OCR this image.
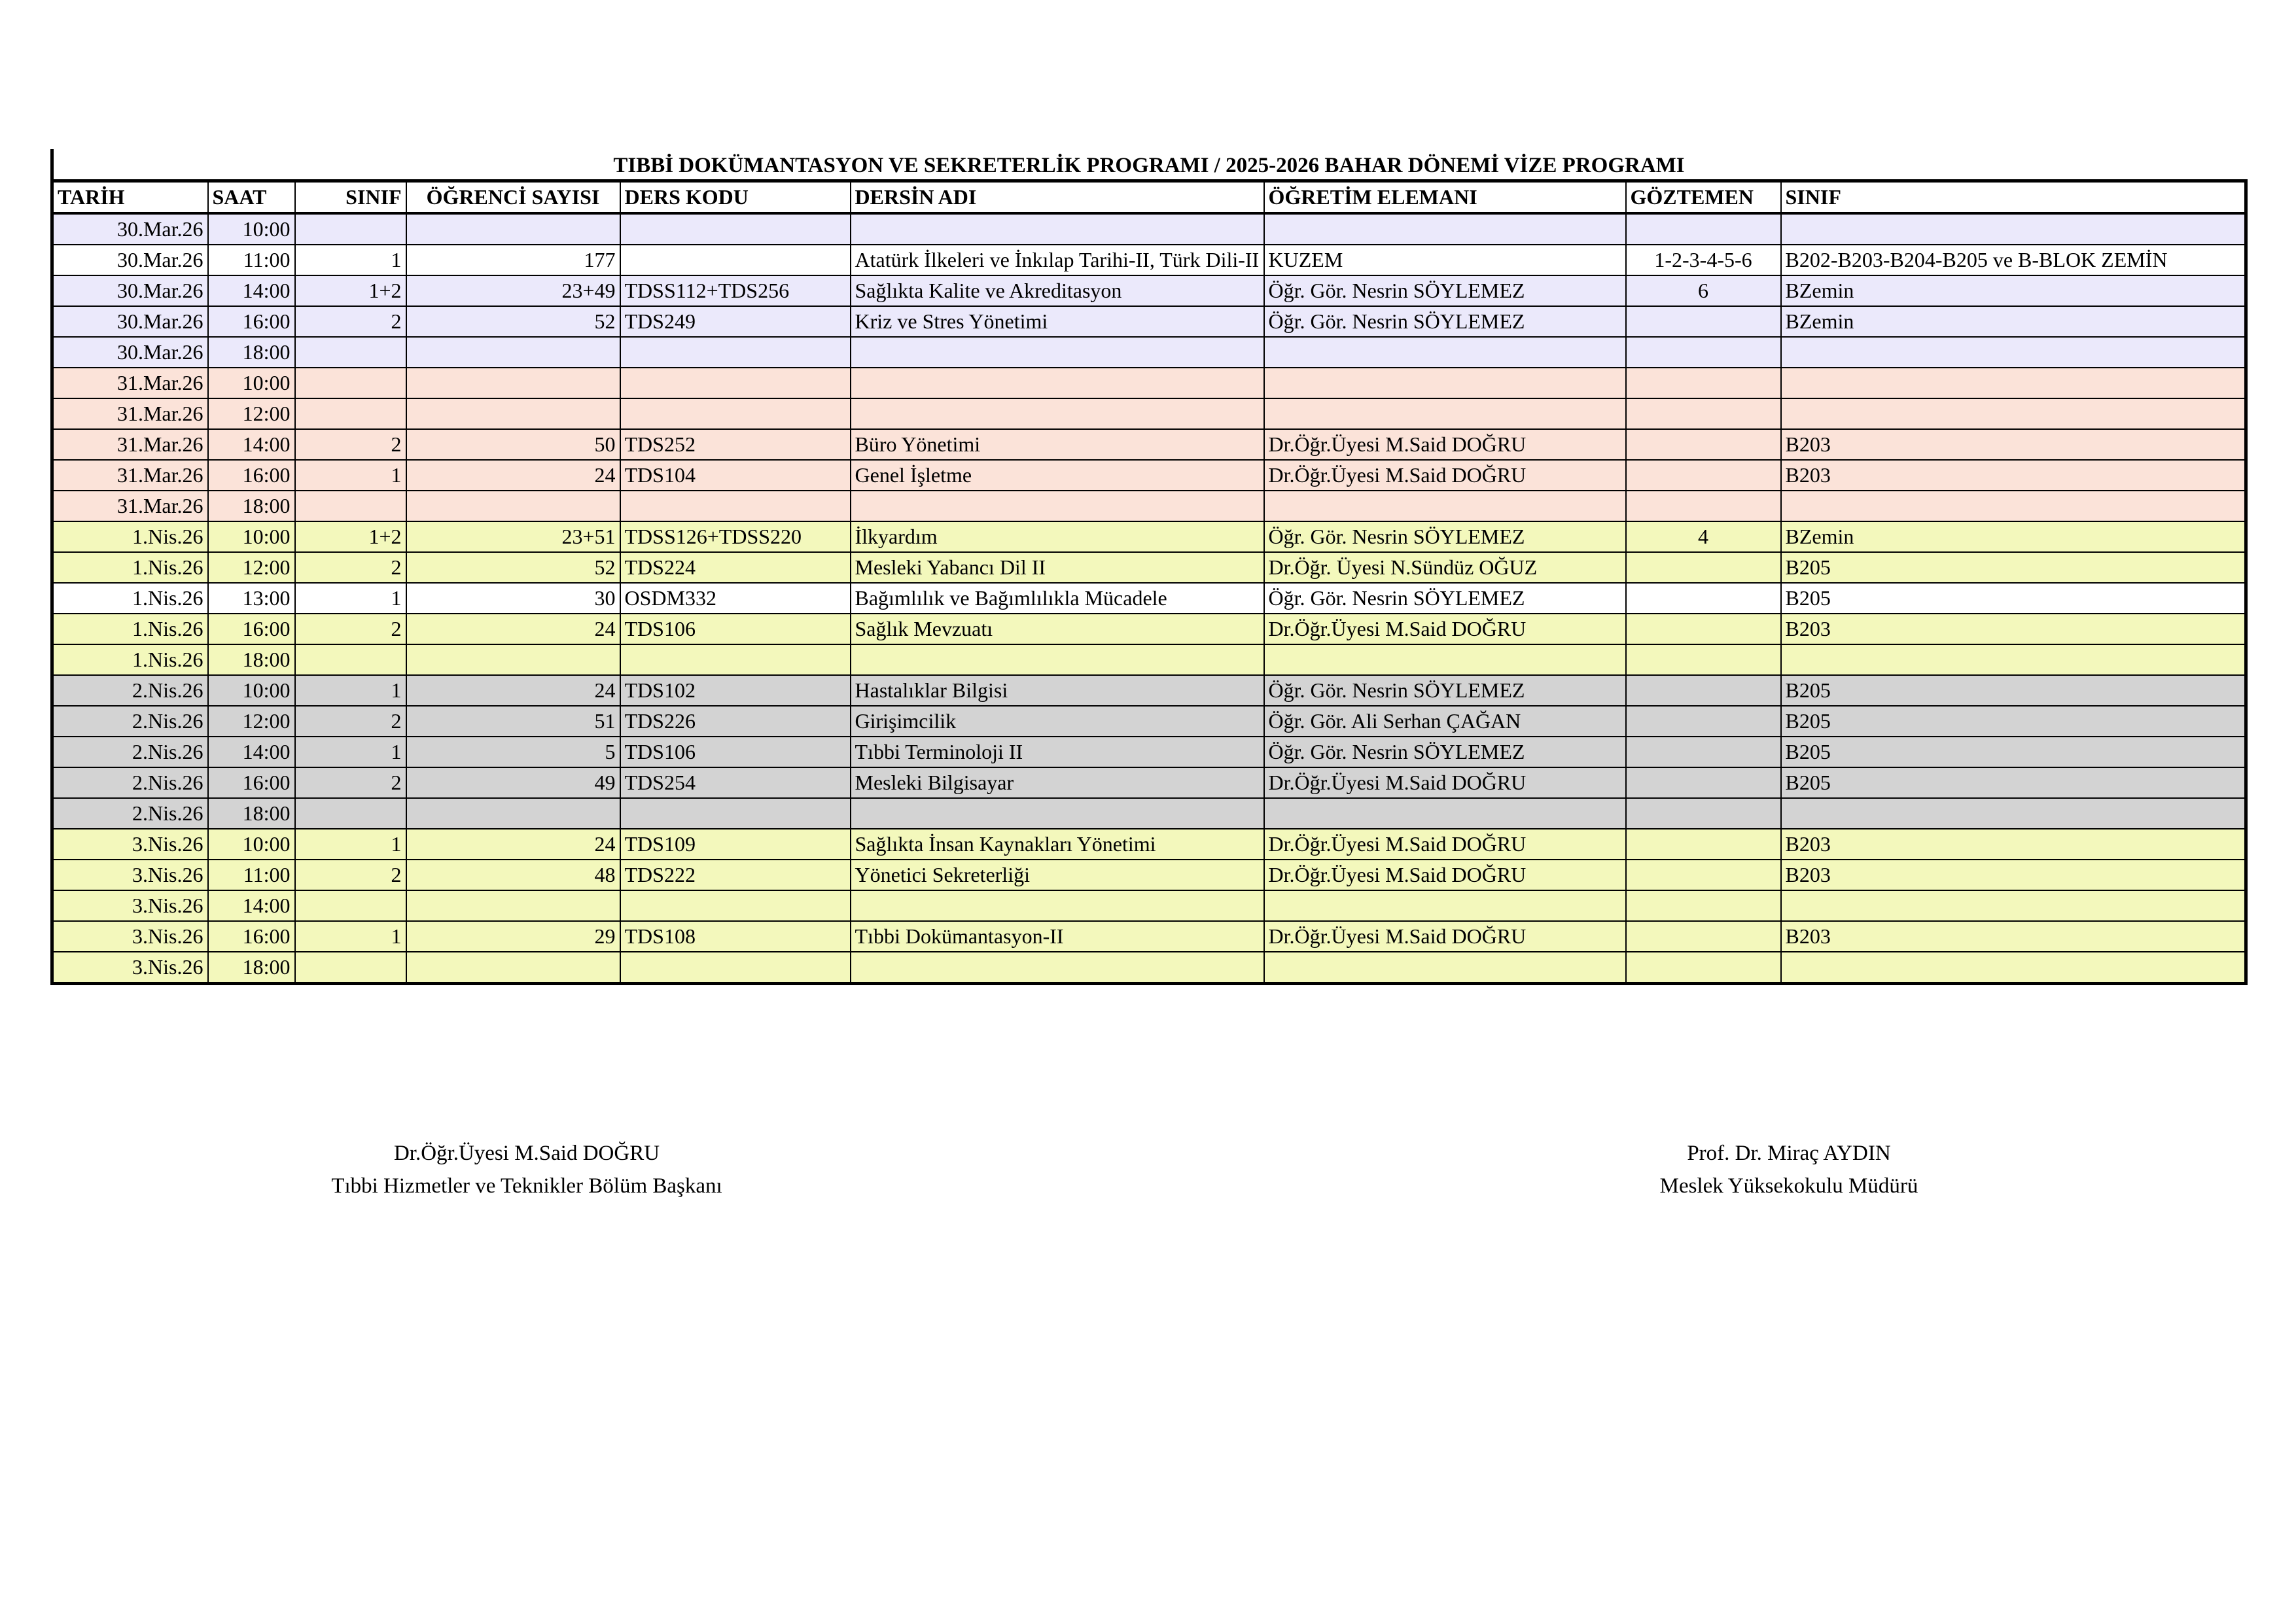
TIBBİ DOKÜMANTASYON VE SEKRETERLİK PROGRAMI / 2025-2026 BAHAR DÖNEMİ VİZE PROGRAMI
TARİH	SAAT	SINIF	ÖĞRENCİ SAYISI	DERS KODU	DERSİN ADI	ÖĞRETİM ELEMANI	GÖZTEMEN	SINIF
30.Mar.26	10:00							
30.Mar.26	11:00	1	177		Atatürk İlkeleri ve İnkılap Tarihi-II, Türk Dili-II	KUZEM	1-2-3-4-5-6	B202-B203-B204-B205 ve B-BLOK ZEMİN
30.Mar.26	14:00	1+2	23+49	TDSS112+TDS256	Sağlıkta Kalite ve Akreditasyon	Öğr. Gör. Nesrin SÖYLEMEZ	6	BZemin
30.Mar.26	16:00	2	52	TDS249	Kriz ve Stres Yönetimi	Öğr. Gör. Nesrin SÖYLEMEZ		BZemin
30.Mar.26	18:00							
31.Mar.26	10:00							
31.Mar.26	12:00							
31.Mar.26	14:00	2	50	TDS252	Büro Yönetimi	Dr.Öğr.Üyesi M.Said DOĞRU		B203
31.Mar.26	16:00	1	24	TDS104	Genel İşletme	Dr.Öğr.Üyesi M.Said DOĞRU		B203
31.Mar.26	18:00							
1.Nis.26	10:00	1+2	23+51	TDSS126+TDSS220	İlkyardım	Öğr. Gör. Nesrin SÖYLEMEZ	4	BZemin
1.Nis.26	12:00	2	52	TDS224	Mesleki Yabancı Dil II	Dr.Öğr. Üyesi N.Sündüz OĞUZ		B205
1.Nis.26	13:00	1	30	OSDM332	Bağımlılık ve Bağımlılıkla Mücadele	Öğr. Gör. Nesrin SÖYLEMEZ		B205
1.Nis.26	16:00	2	24	TDS106	Sağlık Mevzuatı	Dr.Öğr.Üyesi M.Said DOĞRU		B203
1.Nis.26	18:00							
2.Nis.26	10:00	1	24	TDS102	Hastalıklar Bilgisi	Öğr. Gör. Nesrin SÖYLEMEZ		B205
2.Nis.26	12:00	2	51	TDS226	Girişimcilik	Öğr. Gör. Ali Serhan ÇAĞAN		B205
2.Nis.26	14:00	1	5	TDS106	Tıbbi Terminoloji II	Öğr. Gör. Nesrin SÖYLEMEZ		B205
2.Nis.26	16:00	2	49	TDS254	Mesleki Bilgisayar	Dr.Öğr.Üyesi M.Said DOĞRU		B205
2.Nis.26	18:00							
3.Nis.26	10:00	1	24	TDS109	Sağlıkta İnsan Kaynakları Yönetimi	Dr.Öğr.Üyesi M.Said DOĞRU		B203
3.Nis.26	11:00	2	48	TDS222	Yönetici Sekreterliği	Dr.Öğr.Üyesi M.Said DOĞRU		B203
3.Nis.26	14:00							
3.Nis.26	16:00	1	29	TDS108	Tıbbi Dokümantasyon-II	Dr.Öğr.Üyesi M.Said DOĞRU		B203
3.Nis.26	18:00							
Dr.Öğr.Üyesi M.Said DOĞRU
Tıbbi Hizmetler ve Teknikler Bölüm Başkanı
Prof. Dr. Miraç AYDIN
Meslek Yüksekokulu Müdürü
